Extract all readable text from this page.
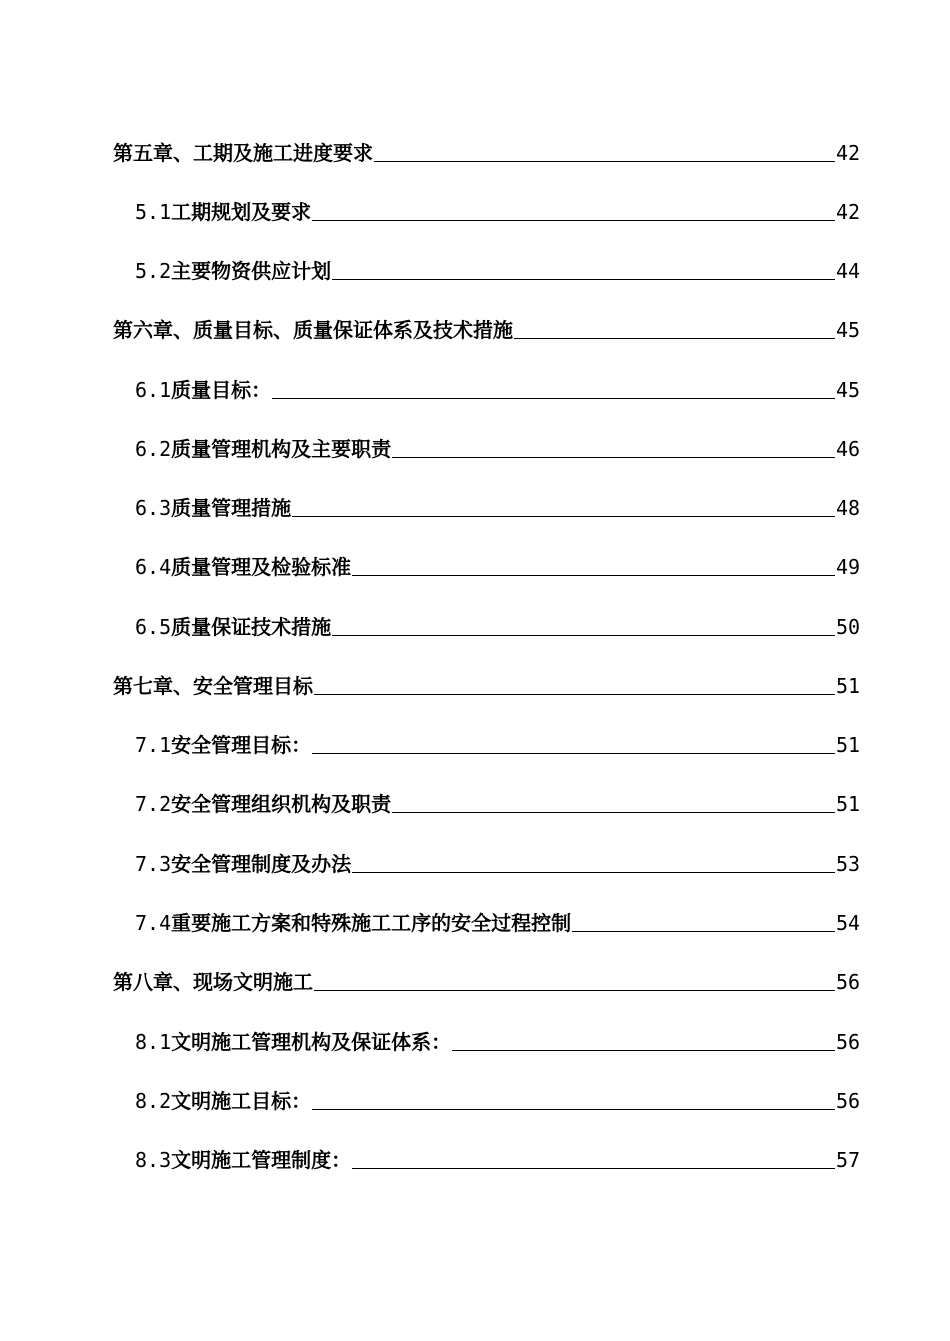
第五章、工期及施工进度要求	42
5.1工期规划及要求	42
5.2主要物资供应计划	44
第六章、质量目标、质量保证体系及技术措施	45
6.1质量目标：	45
6.2质量管理机构及主要职责	46
6.3质量管理措施	48
6.4质量管理及检验标准	49
6.5质量保证技术措施	50
第七章、安全管理目标	51
7.1安全管理目标：	51
7.2安全管理组织机构及职责	51
7.3安全管理制度及办法	53
7.4重要施工方案和特殊施工工序的安全过程控制	54
第八章、现场文明施工	56
8.1文明施工管理机构及保证体系：	56
8.2文明施工目标：	56
8.3文明施工管理制度：	57
